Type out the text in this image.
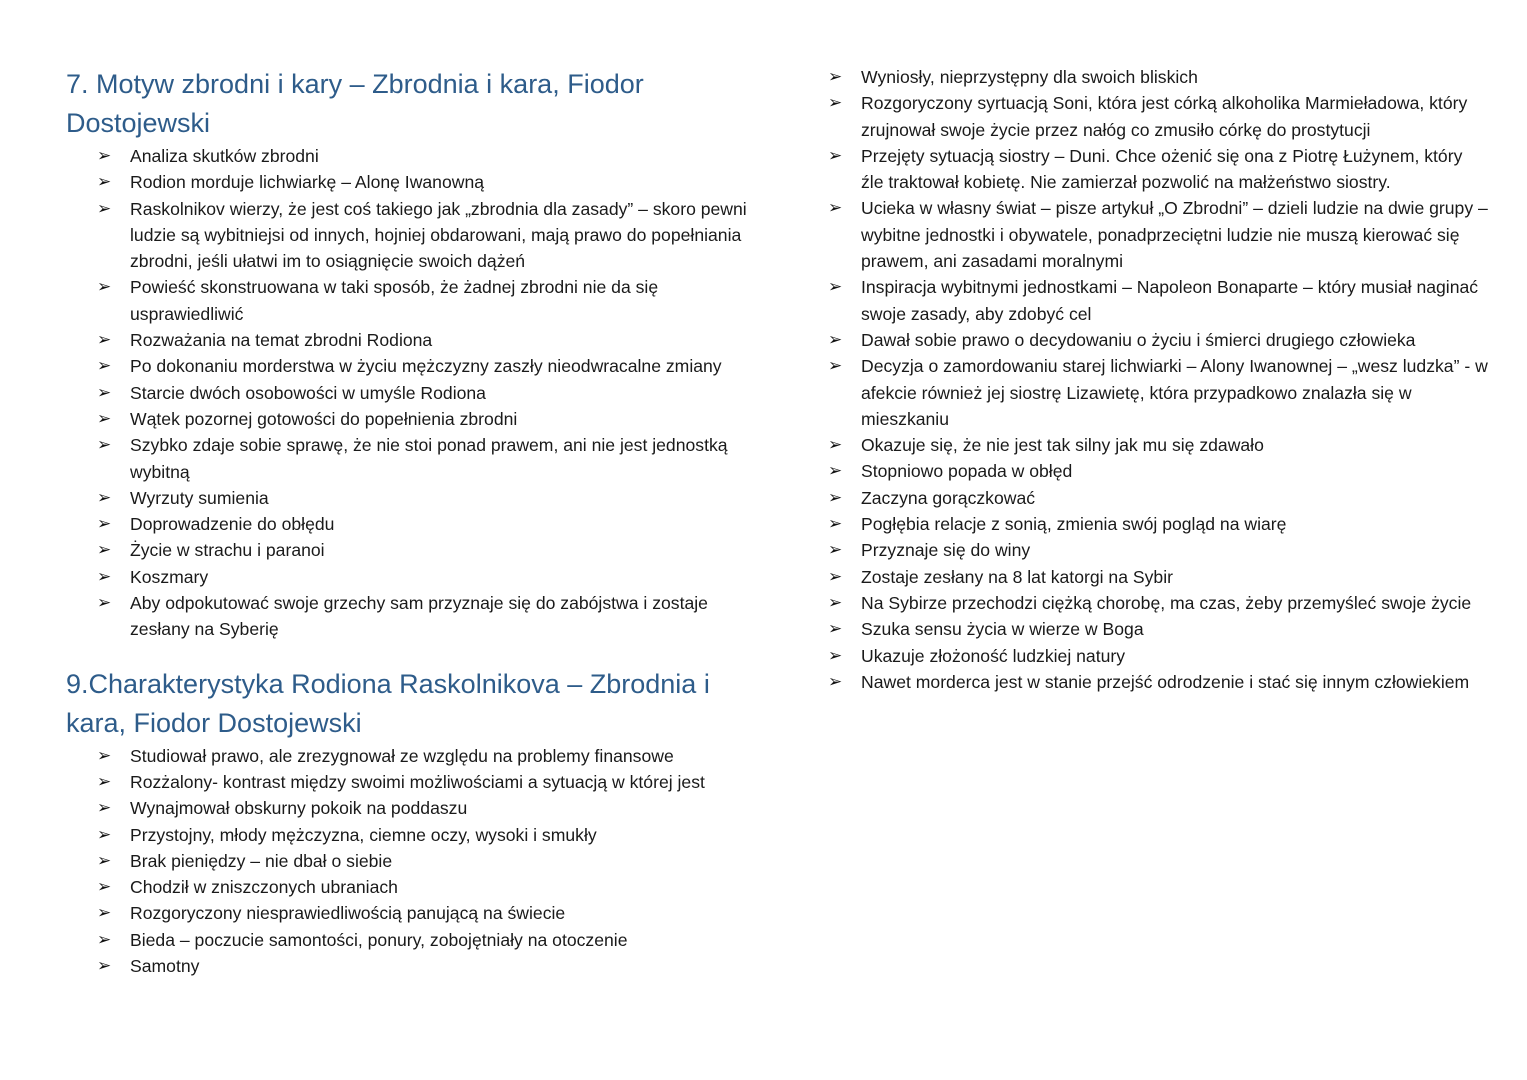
7. Motyw zbrodni i kary – Zbrodnia i kara, Fiodor Dostojewski
➢ Analiza skutków zbrodni
➢ Rodion morduje lichwiarkę – Alonę Iwanowną
➢ Raskolnikov wierzy, że jest coś takiego jak „zbrodnia dla zasady” – skoro pewni ludzie są wybitniejsi od innych, hojniej obdarowani, mają prawo do popełniania zbrodni, jeśli ułatwi im to osiągnięcie swoich dążeń
➢ Powieść skonstruowana w taki sposób, że żadnej zbrodni nie da się usprawiedliwić
➢ Rozważania na temat zbrodni Rodiona
➢ Po dokonaniu morderstwa w życiu mężczyzny zaszły nieodwracalne zmiany
➢ Starcie dwóch osobowości w umyśle Rodiona
➢ Wątek pozornej gotowości do popełnienia zbrodni
➢ Szybko zdaje sobie sprawę, że nie stoi ponad prawem, ani nie jest jednostką wybitną
➢ Wyrzuty sumienia
➢ Doprowadzenie do obłędu
➢ Życie w strachu i paranoi
➢ Koszmary
➢ Aby odpokutować swoje grzechy sam przyznaje się do zabójstwa i zostaje zesłany na Syberię
9.Charakterystyka Rodiona Raskolnikova – Zbrodnia i kara, Fiodor Dostojewski
➢ Studiował prawo, ale zrezygnował ze względu na problemy finansowe
➢ Rozżalony- kontrast między swoimi możliwościami a sytuacją w której jest
➢ Wynajmował obskurny pokoik na poddaszu
➢ Przystojny, młody mężczyzna, ciemne oczy, wysoki i smukły
➢ Brak pieniędzy – nie dbał o siebie
➢ Chodził w zniszczonych ubraniach
➢ Rozgoryczony niesprawiedliwością panującą na świecie
➢ Bieda – poczucie samontości, ponury, zobojętniały na otoczenie
➢ Samotny
➢ Wyniosły, nieprzystępny dla swoich bliskich
➢ Rozgoryczony syrtuacją Soni, która jest córką alkoholika Marmieładowa, który zrujnował swoje życie przez nałóg co zmusiło córkę do prostytucji
➢ Przejęty sytuacją siostry – Duni. Chce ożenić się ona z Piotrę Łużynem, który źle traktował kobietę. Nie zamierzał pozwolić na małżeństwo siostry.
➢ Ucieka w własny świat – pisze artykuł „O Zbrodni” – dzieli ludzie na dwie grupy – wybitne jednostki i obywatele, ponadprzeciętni ludzie nie muszą kierować się prawem, ani zasadami moralnymi
➢ Inspiracja wybitnymi jednostkami – Napoleon Bonaparte – który musiał naginać swoje zasady, aby zdobyć cel
➢ Dawał sobie prawo o decydowaniu o życiu i śmierci drugiego człowieka
➢ Decyzja o zamordowaniu starej lichwiarki – Alony Iwanownej – „wesz ludzka” - w afekcie również jej siostrę Lizawietę, która przypadkowo znalazła się w mieszkaniu
➢ Okazuje się, że nie jest tak silny jak mu się zdawało
➢ Stopniowo popada w obłęd
➢ Zaczyna gorączkować
➢ Pogłębia relacje z sonią, zmienia swój pogląd na wiarę
➢ Przyznaje się do winy
➢ Zostaje zesłany na 8 lat katorgi na Sybir
➢ Na Sybirze przechodzi ciężką chorobę, ma czas, żeby przemyśleć swoje życie
➢ Szuka sensu życia w wierze w Boga
➢ Ukazuje złożoność ludzkiej natury
➢ Nawet morderca jest w stanie przejść odrodzenie i stać się innym człowiekiem
